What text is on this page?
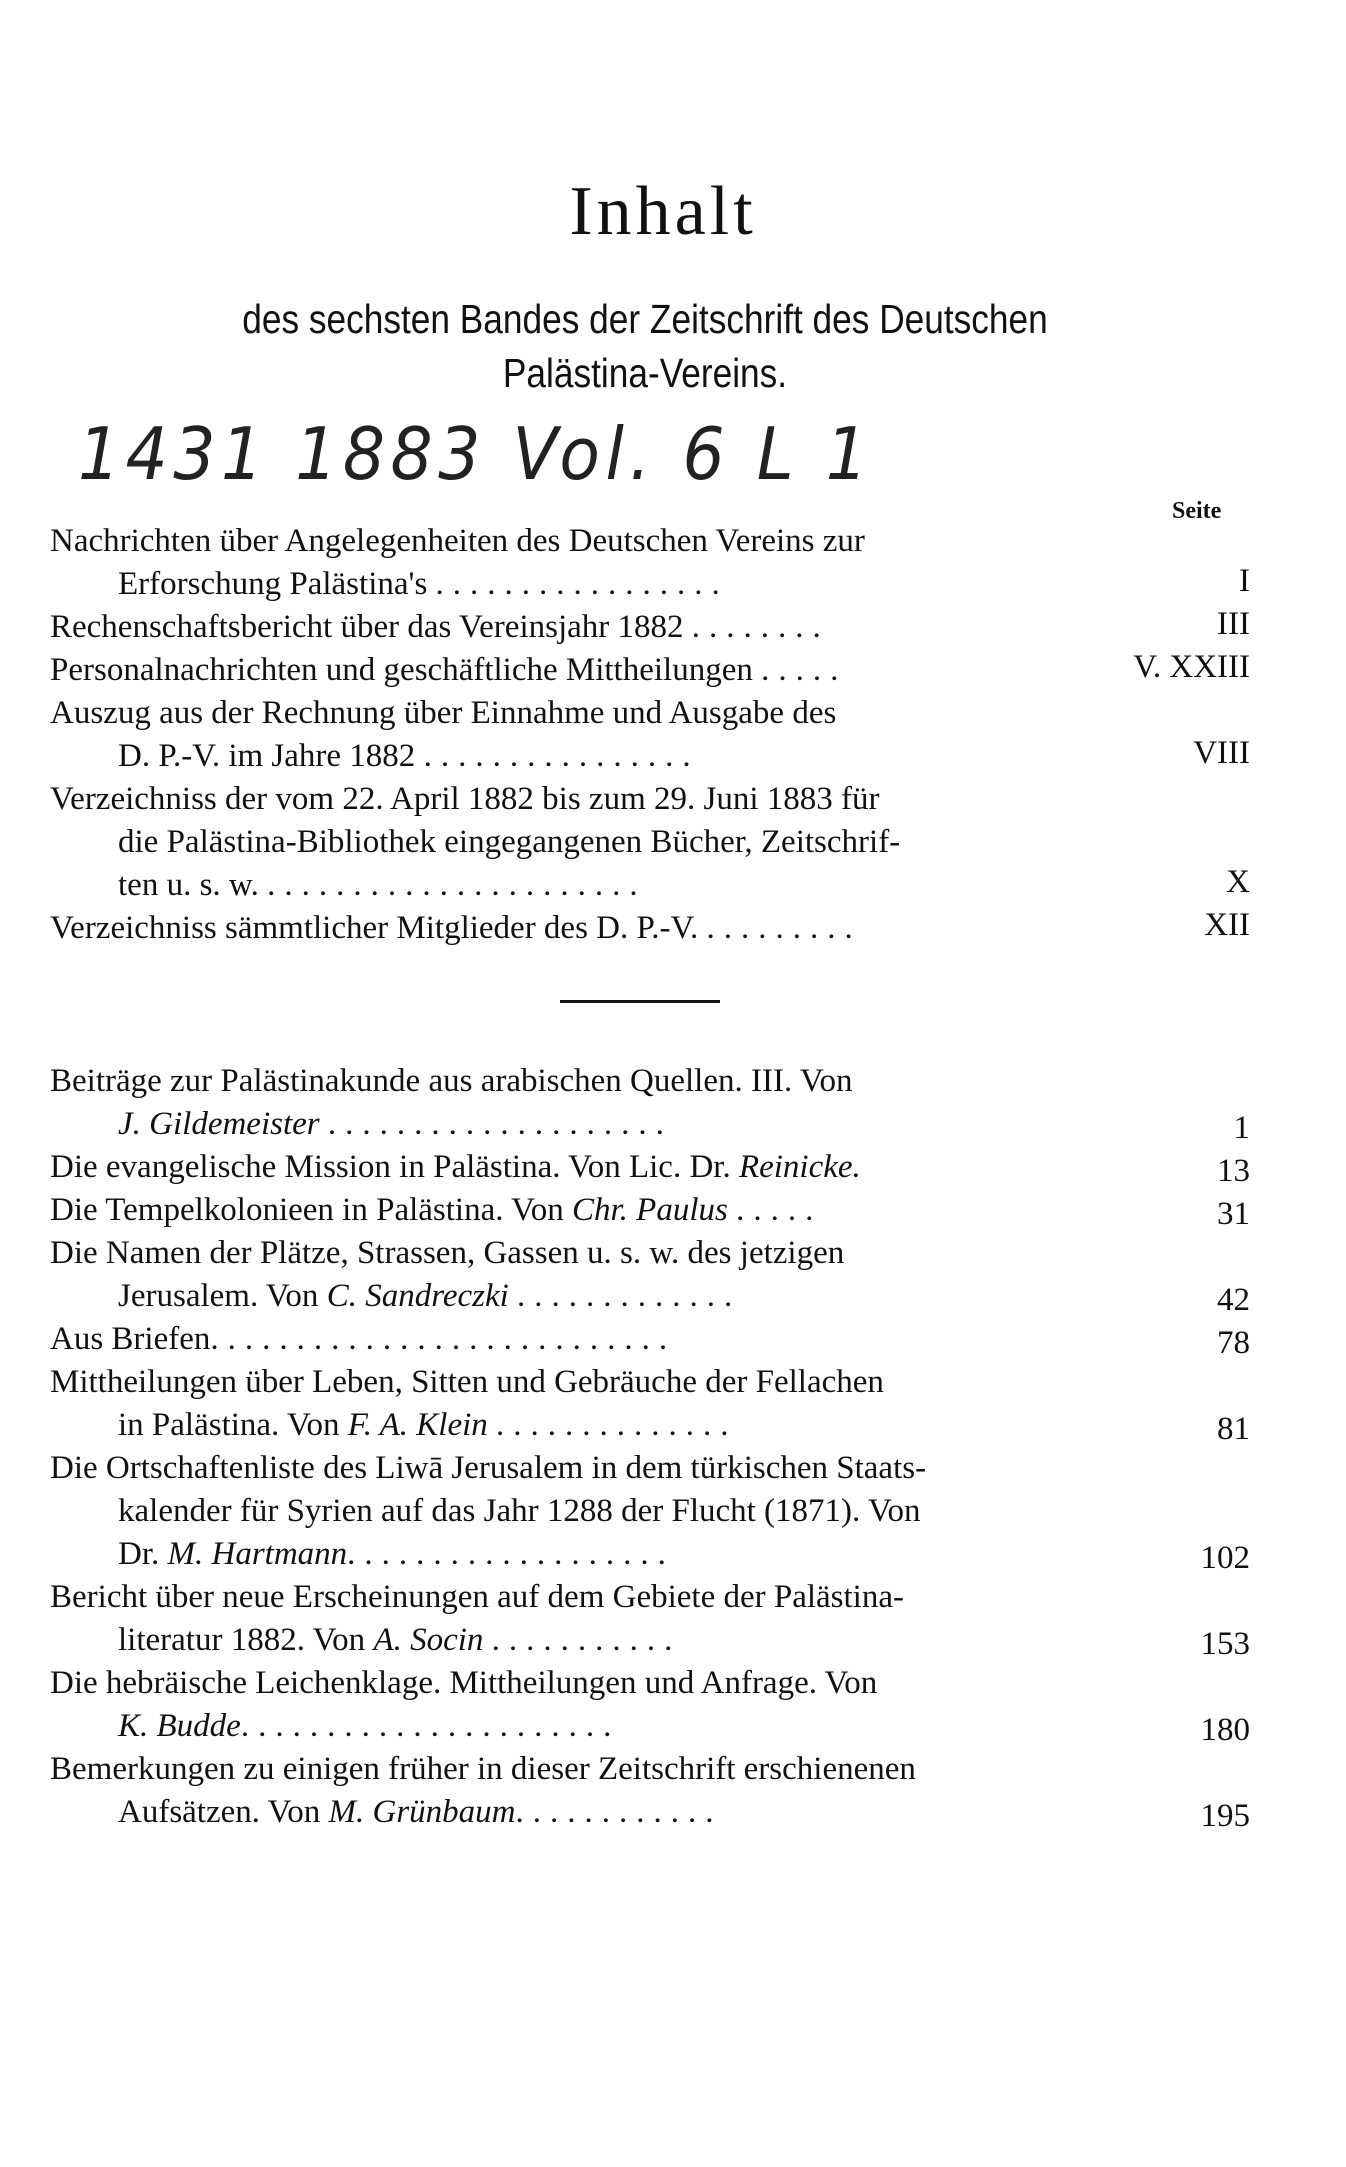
Inhalt
des sechsten Bandes der Zeitschrift des Deutschen
Palästina-Vereins.
1431 1883 Vol. 6 L 1
Seite
Nachrichten über Angelegenheiten des Deutschen Vereins zur
Erforschung Palästina's .................	I
Rechenschaftsbericht über das Vereinsjahr 1882 ........	III
Personalnachrichten und geschäftliche Mittheilungen .....	V. XXIII
Auszug aus der Rechnung über Einnahme und Ausgabe des
D. P.-V. im Jahre 1882 ................	VIII
Verzeichniss der vom 22. April 1882 bis zum 29. Juni 1883 für
die Palästina-Bibliothek eingegangenen Bücher, Zeitschrif-
ten u. s. w. ......................	X
Verzeichniss sämmtlicher Mitglieder des D. P.-V. .........	XII
Beiträge zur Palästinakunde aus arabischen Quellen. III. Von
J. Gildemeister ....................	1
Die evangelische Mission in Palästina. Von Lic. Dr. Reinicke.	13
Die Tempelkolonieen in Palästina. Von Chr. Paulus .....	31
Die Namen der Plätze, Strassen, Gassen u. s. w. des jetzigen
Jerusalem. Von C. Sandreczki .............	42
Aus Briefen...........................	78
Mittheilungen über Leben, Sitten und Gebräuche der Fellachen
in Palästina. Von F. A. Klein ..............	81
Die Ortschaftenliste des Liwā Jerusalem in dem türkischen Staats-
kalender für Syrien auf das Jahr 1288 der Flucht (1871). Von
Dr. M. Hartmann...................	102
Bericht über neue Erscheinungen auf dem Gebiete der Palästina-
literatur 1882. Von A. Socin ...........	153
Die hebräische Leichenklage. Mittheilungen und Anfrage. Von
K. Budde......................	180
Bemerkungen zu einigen früher in dieser Zeitschrift erschienenen
Aufsätzen. Von M. Grünbaum............	195
